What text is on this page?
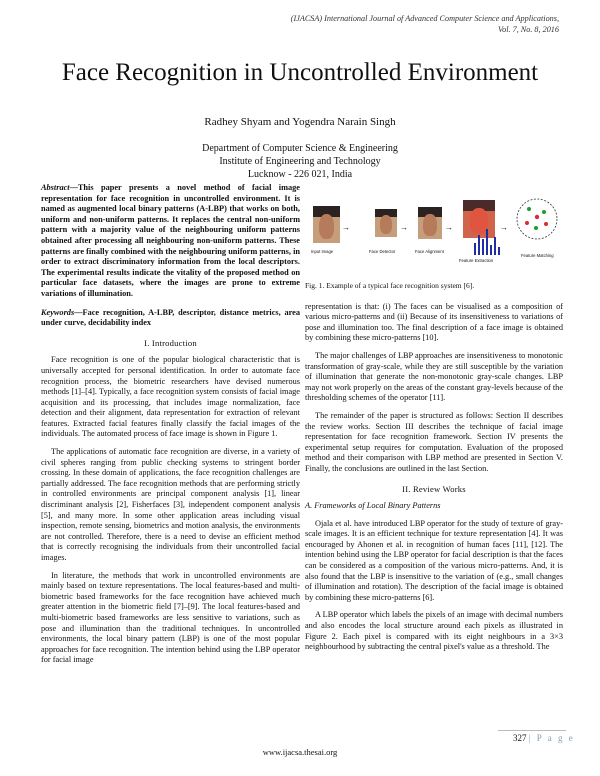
(IJACSA) International Journal of Advanced Computer Science and Applications,
Vol. 7, No. 8, 2016
Face Recognition in Uncontrolled Environment
Radhey Shyam and Yogendra Narain Singh
Department of Computer Science & Engineering
Institute of Engineering and Technology
Lucknow - 226 021, India
Abstract—This paper presents a novel method of facial image representation for face recognition in uncontrolled environment. It is named as augmented local binary patterns (A-LBP) that works on both, uniform and non-uniform patterns. It replaces the central non-uniform pattern with a majority value of the neighbouring uniform patterns obtained after processing all neighbouring non-uniform patterns. These patterns are finally combined with the neighbouring uniform patterns, in order to extract discriminatory information from the local descriptors. The experimental results indicate the vitality of the proposed method on particular face datasets, where the images are prone to extreme variations of illumination.
Keywords—Face recognition, A-LBP, descriptor, distance metrics, area under curve, decidability index
I. Introduction

Face recognition is one of the popular biological characteristic that is universally accepted for personal identification. In order to automate face recognition process, the biometric researchers have devised numerous methods [1]–[4]. Typically, a face recognition system consists of facial image acquisition and its processing, that includes image normalization, face detection and their alignment, data representation for extraction of relevant features. Extracted facial features finally classify the facial images of the individuals. The automated process of face image is shown in Figure 1.

The applications of automatic face recognition are diverse, in a variety of civil spheres ranging from public checking systems to stringent border crossing. In these domain of applications, the face recognition challenges are partially addressed. The face recognition methods that are performing strictly in controlled environments are principal component analysis [1], linear discriminant analysis [2], Fisherfaces [3], independent component analysis [5], and many more. In some other application areas including visual inspection, remote sensing, biometrics and motion analysis, the environments are not controlled. Therefore, there is a need to devise an efficient method that is correctly recognising the individuals from their uncontrolled facial images.

In literature, the methods that work in uncontrolled environments are mainly based on texture representations. The local features-based and multi-biometric based frameworks for the face recognition have achieved much greater attention in the biometric field [7]–[9]. The local features-based and multi-biometric based frameworks are less sensitive to variations, such as pose and illumination than the traditional techniques. In uncontrolled environments, the local binary pattern (LBP) is one of the most popular approaches for face recognition. The intention behind using the LBP operator for facial image

→	→	→	→
Input Image	Face Detector	Face Alignment
Feature Extraction
Feature Matching
Fig. 1. Example of a typical face recognition system [6].

representation is that: (i) The faces can be visualised as a composition of various micro-patterns and (ii) Because of its insensitiveness to variations of pose and illumination too. The final description of a face image is obtained by combining these micro-patterns [10].

The major challenges of LBP approaches are insensitiveness to monotonic transformation of gray-scale, while they are still susceptible by the variation of illumination that generate the non-monotonic gray-scale changes. LBP may not work properly on the areas of the constant gray-levels because of the thresholding schemes of the operator [11].

The remainder of the paper is structured as follows: Section II describes the review works. Section III describes the technique of facial image representation for face recognition framework. Section IV presents the experimental setup requires for computation. Evaluation of the proposed method and their comparison with LBP method are presented in Section V. Finally, the conclusions are outlined in the last Section.

II. Review Works
A. Frameworks of Local Binary Patterns

Ojala et al. have introduced LBP operator for the study of texture of gray-scale images. It is an efficient technique for texture representation [4]. It was encouraged by Ahonen et al. in recognition of human faces [11], [12]. The intention behind using the LBP operator for facial description is that the faces can be considered as a composition of the various micro-patterns. And, it is also found that the LBP is insensitive to the variation of (e.g., small changes of illumination and rotation). The description of the facial image is obtained by combining these micro-patterns [6].

A LBP operator which labels the pixels of an image with decimal numbers and also encodes the local structure around each pixels as illustrated in Figure 2. Each pixel is compared with its eight neighbours in a 3×3 neighbourhood by subtracting the central pixel's value as a threshold. The

327 | P a g e
www.ijacsa.thesai.org
